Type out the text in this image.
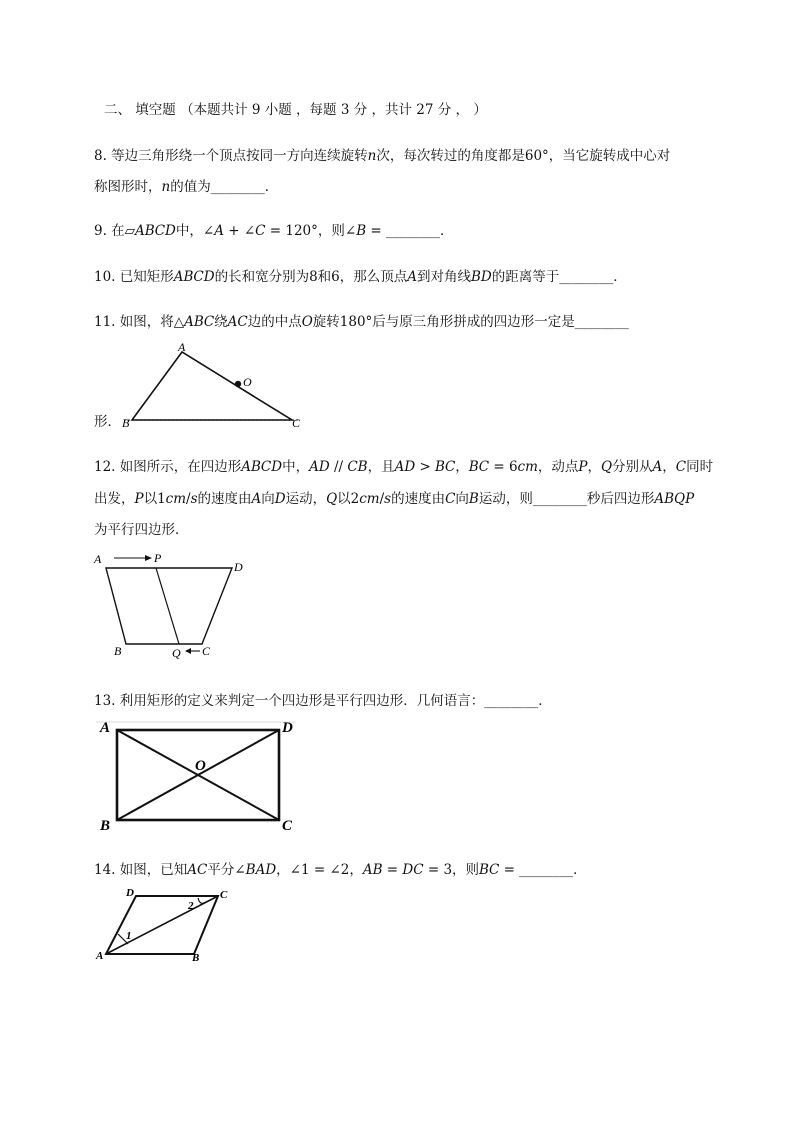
二、 填空题 （本题共计 9 小题 ，每题 3 分 ，共计 27 分 ， ）
8. 等边三角形绕一个顶点按同一方向连续旋转𝑛次，每次转过的角度都是60°，当它旋转成中心对
称图形时，𝑛的值为________．
9. 在▱𝐴𝐵𝐶𝐷中，∠𝐴 + ∠𝐶 = 120°，则∠𝐵 = ________．
10. 已知矩形𝐴𝐵𝐶𝐷的长和宽分别为8和6，那么顶点𝐴到对角线𝐵𝐷的距离等于________．
11. 如图，将△𝐴𝐵𝐶绕𝐴𝐶边的中点𝑂旋转180°后与原三角形拼成的四边形一定是________
A
B	C
O
形．
12. 如图所示，在四边形𝐴𝐵𝐶𝐷中，𝐴𝐷 // 𝐶𝐵，且𝐴𝐷 > 𝐵𝐶，𝐵𝐶 = 6𝑐𝑚，动点𝑃，𝑄分别从𝐴，𝐶同时
出发，𝑃以1𝑐𝑚/𝑠的速度由𝐴向𝐷运动，𝑄以2𝑐𝑚/𝑠的速度由𝐶向𝐵运动，则________秒后四边形𝐴𝐵𝑄𝑃
为平行四边形．
A	P
D
B	Q C
13. 利用矩形的定义来判定一个四边形是平行四边形．几何语言：________．
A	D
O
B	C
14. 如图，已知𝐴𝐶平分∠𝐵𝐴𝐷，∠1 = ∠2，𝐴𝐵 = 𝐷𝐶 = 3，则𝐵𝐶 = ________．
D	C
A	B
1
2
